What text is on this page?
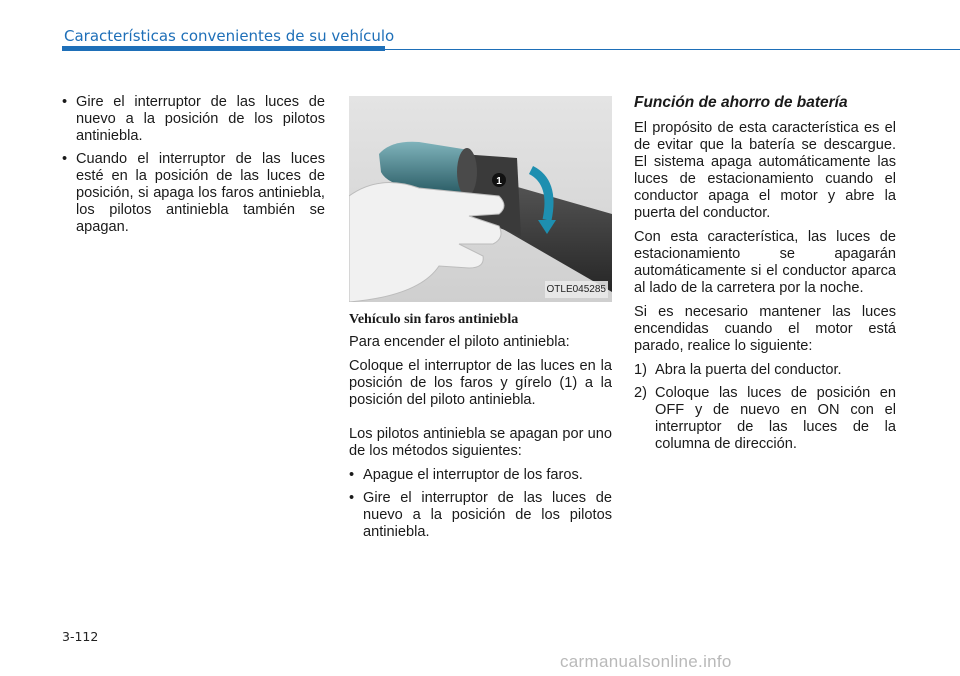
Características convenientes de su vehículo
• Gire el interruptor de las luces de nuevo a la posición de los pilotos antiniebla.
• Cuando el interruptor de las luces esté en la posición de las luces de posición, si apaga los faros antiniebla, los pilotos antiniebla también se apagan.
1
OTLE045285
Vehículo sin faros antiniebla

Para encender el piloto antiniebla:

Coloque el interruptor de las luces en la posición de los faros y gírelo (1) a la posición del piloto antiniebla.

Los pilotos antiniebla se apagan por uno de los métodos siguientes:

• Apague el interruptor de los faros.
• Gire el interruptor de las luces de nuevo a la posición de los pilotos antiniebla.
Función de ahorro de batería

El propósito de esta característica es el de evitar que la batería se descargue. El sistema apaga automáticamente las luces de estacionamiento cuando el conductor apaga el motor y abre la puerta del conductor.

Con esta característica, las luces de estacionamiento se apagarán automáticamente si el conductor aparca al lado de la carretera por la noche.

Si es necesario mantener las luces encendidas cuando el motor está parado, realice lo siguiente:

1) Abra la puerta del conductor.
2) Coloque las luces de posición en OFF y de nuevo en ON con el interruptor de las luces de la columna de dirección.
3-112
carmanualsonline.info
